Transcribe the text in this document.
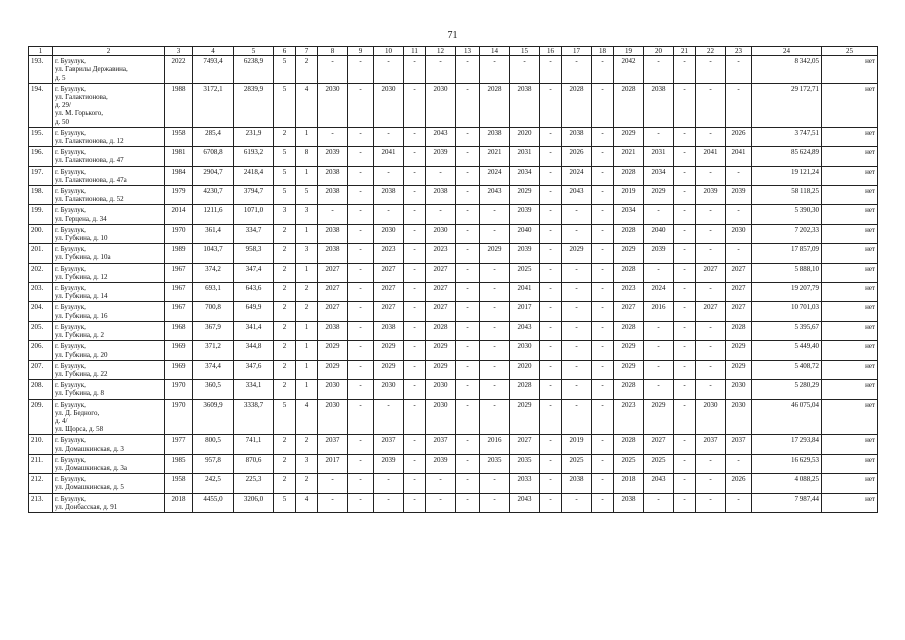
71
1	2	3	4	5	6	7	8	9	10	11	12	13	14	15	16	17	18	19	20	21	22	23	24	25
193.	г. Бузулук,
ул. Гаврилы Державина,
д. 5	2022	7493,4	6238,9	5	2	-	-	-	-	-	-	-	-	-	-	-	2042	-	-	-	-	8 342,05	нет
194.	г. Бузулук,
ул. Галактионова,
д. 29/
ул. М. Горького,
д. 50	1988	3172,1	2839,9	5	4	2030	-	2030	-	2030	-	2028	2038	-	2028	-	2028	2038	-	-	-	29 172,71	нет
195.	г. Бузулук,
ул. Галактионова, д. 12	1958	285,4	231,9	2	1	-	-	-	-	2043	-	2038	2020	-	2038	-	2029	-	-	-	2026	3 747,51	нет
196.	г. Бузулук,
ул. Галактионова, д. 47	1981	6708,8	6193,2	5	8	2039	-	2041	-	2039	-	2021	2031	-	2026	-	2021	2031	-	2041	2041	85 624,89	нет
197.	г. Бузулук,
ул. Галактионова, д. 47а	1984	2904,7	2418,4	5	1	2038	-	-	-	-	-	2024	2034	-	2024	-	2028	2034	-	-	-	19 121,24	нет
198.	г. Бузулук,
ул. Галактионова, д. 52	1979	4230,7	3794,7	5	5	2038	-	2038	-	2038	-	2043	2029	-	2043	-	2019	2029	-	2039	2039	58 118,25	нет
199.	г. Бузулук,
ул. Герцена, д. 34	2014	1211,6	1071,0	3	3	-	-	-	-	-	-	-	2039	-	-	-	2034	-	-	-	-	5 390,30	нет
200.	г. Бузулук,
ул. Губкина, д. 10	1970	361,4	334,7	2	1	2038	-	2030	-	2030	-	-	2040	-	-	-	2028	2040	-	-	2030	7 202,33	нет
201.	г. Бузулук,
ул. Губкина, д. 10а	1989	1043,7	958,3	2	3	2038	-	2023	-	2023	-	2029	2039	-	2029	-	2029	2039	-	-	-	17 857,09	нет
202.	г. Бузулук,
ул. Губкина, д. 12	1967	374,2	347,4	2	1	2027	-	2027	-	2027	-	-	2025	-	-	-	2028	-	-	2027	2027	5 888,10	нет
203.	г. Бузулук,
ул. Губкина, д. 14	1967	693,1	643,6	2	2	2027	-	2027	-	2027	-	-	2041	-	-	-	2023	2024	-	-	2027	19 207,79	нет
204.	г. Бузулук,
ул. Губкина, д. 16	1967	700,8	649,9	2	2	2027	-	2027	-	2027	-	-	2017	-	-	-	2027	2016	-	2027	2027	10 701,03	нет
205.	г. Бузулук,
ул. Губкина, д. 2	1968	367,9	341,4	2	1	2038	-	2038	-	2028	-	-	2043	-	-	-	2028	-	-	-	2028	5 395,67	нет
206.	г. Бузулук,
ул. Губкина, д. 20	1969	371,2	344,8	2	1	2029	-	2029	-	2029	-	-	2030	-	-	-	2029	-	-	-	2029	5 449,40	нет
207.	г. Бузулук,
ул. Губкина, д. 22	1969	374,4	347,6	2	1	2029	-	2029	-	2029	-	-	2020	-	-	-	2029	-	-	-	2029	5 408,72	нет
208.	г. Бузулук,
ул. Губкина, д. 8	1970	360,5	334,1	2	1	2030	-	2030	-	2030	-	-	2028	-	-	-	2028	-	-	-	2030	5 280,29	нет
209.	г. Бузулук,
ул. Д. Бедного,
д. 4/
ул. Щорса, д. 58	1970	3609,9	3338,7	5	4	2030	-	-	-	2030	-	-	2029	-	-	-	2023	2029	-	2030	2030	46 075,04	нет
210.	г. Бузулук,
ул. Домашкинская, д. 3	1977	800,5	741,1	2	2	2037	-	2037	-	2037	-	2016	2027	-	2019	-	2028	2027	-	2037	2037	17 293,84	нет
211.	г. Бузулук,
ул. Домашкинская, д. 3а	1985	957,8	870,6	2	3	2017	-	2039	-	2039	-	2035	2035	-	2025	-	2025	2025	-	-	-	16 629,53	нет
212.	г. Бузулук,
ул. Домашкинская, д. 5	1958	242,5	225,3	2	2	-	-	-	-	-	-	-	2033	-	2038	-	2018	2043	-	-	2026	4 088,25	нет
213.	г. Бузулук,
ул. Донбасская, д. 91	2018	4455,0	3206,0	5	4	-	-	-	-	-	-	-	2043	-	-	-	2038	-	-	-	-	7 987,44	нет
